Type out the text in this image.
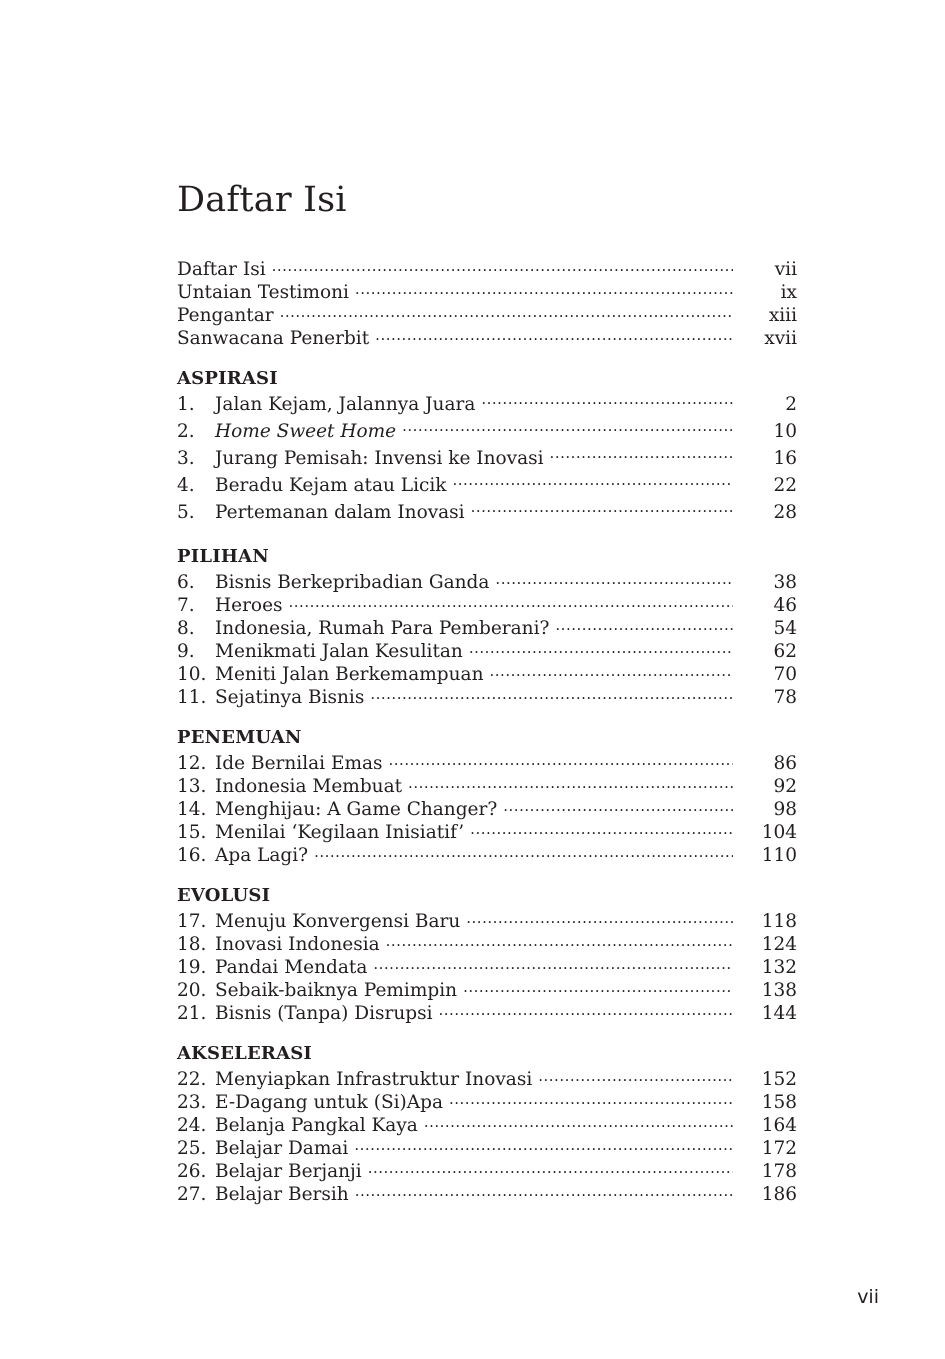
Daftar Isi
Daftar Isi .....	vii
Untaian Testimoni .....	ix
Pengantar .....	xiii
Sanwacana Penerbit .....	xvii
ASPIRASI
1.	Jalan Kejam, Jalannya Juara .....	2
2.	Home Sweet Home .....	10
3.	Jurang Pemisah: Invensi ke Inovasi .....	16
4.	Beradu Kejam atau Licik .....	22
5.	Pertemanan dalam Inovasi .....	28
PILIHAN
6.	Bisnis Berkepribadian Ganda .....	38
7.	Heroes .....	46
8.	Indonesia, Rumah Para Pemberani? .....	54
9.	Menikmati Jalan Kesulitan .....	62
10. Meniti Jalan Berkemampuan .....	70
11. Sejatinya Bisnis .....	78
PENEMUAN
12. Ide Bernilai Emas .....	86
13. Indonesia Membuat .....	92
14. Menghijau: A Game Changer? .....	98
15. Menilai ‘Kegilaan Inisiatif’ .....	104
16. Apa Lagi? .....	110
EVOLUSI
17. Menuju Konvergensi Baru .....	118
18. Inovasi Indonesia .....	124
19. Pandai Mendata .....	132
20. Sebaik-baiknya Pemimpin .....	138
21. Bisnis (Tanpa) Disrupsi .....	144
AKSELERASI
22. Menyiapkan Infrastruktur Inovasi .....	152
23. E-Dagang untuk (Si)Apa .....	158
24. Belanja Pangkal Kaya .....	164
25. Belajar Damai .....	172
26. Belajar Berjanji .....	178
27. Belajar Bersih .....	186
vii
